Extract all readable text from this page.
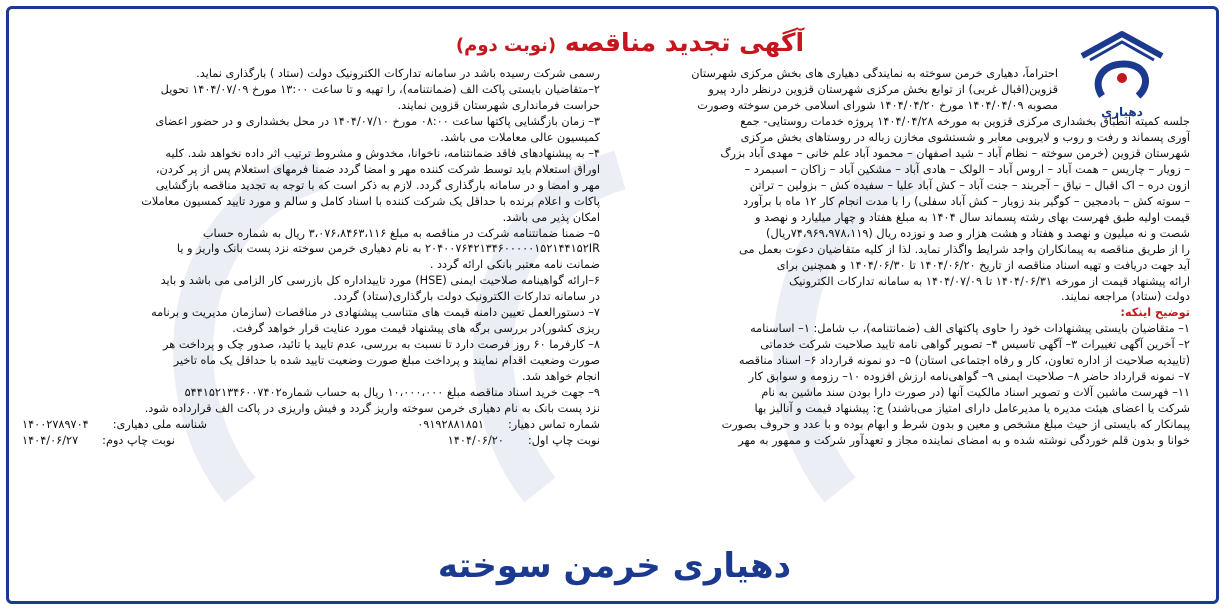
آگهی تجدید مناقصه (نوبت دوم)
دهیاری

احتراماً، دهیاری خرمن سوخته به نمایندگی دهیاری های بخش مرکزی شهرستان

قزوین(اقبال غربی) از توابع بخش مرکزی شهرستان قزوین درنظر دارد پیرو

مصوبه ۱۴۰۴/۰۴/۰۹ مورخ ۱۴۰۴/۰۴/۲۰ شورای اسلامی خرمن سوخته وصورت

جلسه کمیته انطباق بخشداری مرکزی قزوین به مورخه ۱۴۰۴/۰۴/۲۸ پروژه خدمات روستایی- جمع

آوری پسماند و رفت و روب و لایروبی معابر و شستشوی مخازن زباله در روستاهای بخش مرکزی

شهرستان قزوین (خرمن سوخته – نظام آباد – شید اصفهان – محمود آباد علم خانی – مهدی آباد بزرگ

– زویار – چاریس – همت آباد – اروس آباد – الولک – هادی آباد – مشکین آباد – زاکان – اسبمرد –

ازون دره – اک اقبال – نیاق – آجربند – جنت آباد – کش آباد علیا – سفیده کش – بزولین – تراتن

– سوته کش – بادمجین – کوگیر بند زویار – کش آباد سفلی) را با مدت انجام کار ۱۲ ماه با برآورد

قیمت اولیه طبق فهرست بهای رشته پسماند سال ۱۴۰۴ به مبلغ هفتاد و چهار میلیارد و نهصد و

شصت و نه میلیون و نهصد و هفتاد و هشت هزار و صد و نوزده ریال (۷۴،۹۶۹،۹۷۸،۱۱۹ریال)

را از طریق مناقصه به پیمانکاران واجد شرایط واگذار نماید. لذا از کلیه متقاضیان دعوت بعمل می

آید جهت دریافت و تهیه اسناد مناقصه از تاریخ ۱۴۰۴/۰۶/۲۰ تا ۱۴۰۴/۰۶/۳۰ و همچنین برای

ارائه پیشنهاد قیمت از مورخه ۱۴۰۴/۰۶/۳۱ تا ۱۴۰۴/۰۷/۰۹ به سامانه تدارکات الکترونیک

دولت (ستاد) مراجعه نمایند.

توضیح اینکه:

۱– متقاضیان بایستی پیشنهادات خود را حاوی پاکتهای الف (ضمانتنامه)، ب شامل: ۱– اساسنامه

۲– آخرین آگهی تغییرات ۳– آگهی تاسیس ۴– تصویر گواهی نامه تایید صلاحیت شرکت خدماتی

(تاییدیه صلاحیت از اداره تعاون، کار و رفاه اجتماعی استان) ۵– دو نمونه قرارداد ۶– اسناد مناقصه

۷– نمونه قرارداد حاضر ۸– صلاحیت ایمنی ۹– گواهی‌نامه ارزش افزوده ۱۰– رزومه و سوابق کار

۱۱– فهرست ماشین آلات و تصویر اسناد مالکیت آنها (در صورت دارا بودن سند ماشین به نام

شرکت یا اعضای هیئت مدیره یا مدیرعامل دارای امتیاز می‌باشند) ج: پیشنهاد قیمت و آنالیز بها

پیمانکار که بایستی از حیث مبلغ مشخص و معین و بدون شرط و ابهام بوده و با عدد و حروف بصورت

خوانا و بدون قلم خوردگی نوشته شده و به امضای نماینده مجاز و تعهدآور شرکت و ممهور به مهر

رسمی شرکت رسیده باشد در سامانه تدارکات الکترونیک دولت (ستاد ) بارگذاری نماید.

۲–متقاضیان بایستی پاکت الف (ضمانتنامه)، را تهیه و تا ساعت ۱۳:۰۰ مورخ ۱۴۰۴/۰۷/۰۹ تحویل

حراست فرمانداری شهرستان قزوین نمایند.

۳– زمان بازگشایی پاکتها ساعت ۰۸:۰۰ مورخ ۱۴۰۴/۰۷/۱۰ در محل بخشداری و در حضور اعضای

کمیسیون عالی معاملات می باشد.

۴– به پیشنهادهای فاقد ضمانتنامه، ناخوانا، مخدوش و مشروط ترتیب اثر داده نخواهد شد. کلیه

اوراق استعلام باید توسط شرکت کننده مهر و امضا گردد ضمنا فرمهای استعلام پس از پر کردن،

مهر و امضا و در سامانه بارگذاری گردد. لازم به ذکر است که با توجه به تجدید مناقصه بازگشایی

پاکات و اعلام برنده با حداقل یک شرکت کننده با اسناد کامل و سالم و مورد تایید کمسیون معاملات

امکان پذیر می باشد.

۵– ضمنا ضمانتنامه شرکت در مناقصه به مبلغ ۳،۰۷۶،۸۴۶۳،۱۱۶ ریال به شماره حساب

۲۰۴۰۰۷۶۴۲۱۳۴۶۰۰۰۰۰۱۵۲۱۴۴۱۵۲IR به نام دهیاری خرمن سوخته نزد پست بانک واریز و یا

ضمانت نامه معتبر بانکی ارائه گردد .

۶–ارائه گواهینامه صلاحیت ایمنی (HSE) مورد تاییداداره کل بازرسی کار الزامی می باشد و باید

در سامانه تدارکات الکترونیک دولت بارگذاری(ستاد) گردد.

۷– دستورالعمل تعیین دامنه قیمت های متناسب پیشنهادی در مناقصات (سازمان مدیریت و برنامه

ریزی کشور)در بررسی برگه های پیشنهاد قیمت مورد عنایت قرار خواهد گرفت.

۸– کارفرما ۶۰ روز فرصت دارد تا نسبت به بررسی، عدم تایید یا تائید، صدور چک و پرداخت هر

صورت وضعیت اقدام نمایند و پرداخت مبلغ صورت وضعیت تایید شده با حداقل یک ماه تاخیر

انجام خواهد شد.

۹– جهت خرید اسناد مناقصه مبلغ ۱۰،۰۰۰،۰۰۰ ریال به حساب شماره۵۴۴۱۵۲۱۳۴۶۰۰۷۴۰۲

نزد پست بانک به نام دهیاری خرمن سوخته واریز گردد و فیش واریزی در پاکت الف قرارداده شود.

شماره تماس دهیار:
۰۹۱۹۲۸۸۱۸۵۱
شناسه ملی دهیاری:
۱۴۰۰۲۷۸۹۷۰۴
نوبت چاپ اول:
۱۴۰۴/۰۶/۲۰
نوبت چاپ دوم:
۱۴۰۴/۰۶/۲۷
دهیاری خرمن سوخته
